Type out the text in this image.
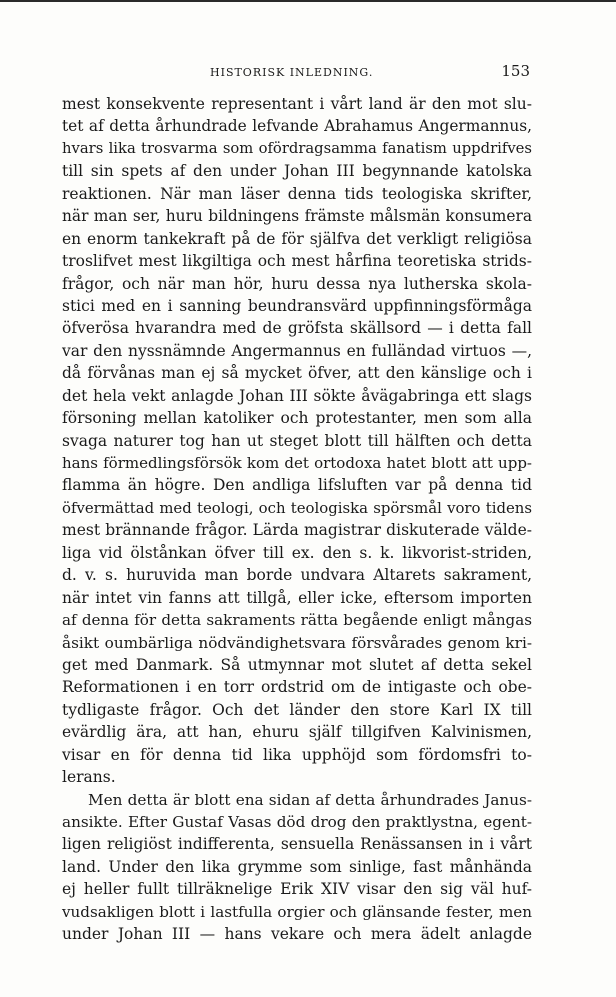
HISTORISK INLEDNING.	153
mest konsekvente representant i vårt land är den mot slu-
tet af detta århundrade lefvande Abrahamus Angermannus,
hvars lika trosvarma som ofördragsamma fanatism uppdrifves
till sin spets af den under Johan III begynnande katolska
reaktionen. När man läser denna tids teologiska skrifter,
när man ser, huru bildningens främste målsmän konsumera
en enorm tankekraft på de för själfva det verkligt religiösa
troslifvet mest likgiltiga och mest hårfina teoretiska strids-
frågor, och när man hör, huru dessa nya lutherska skola-
stici med en i sanning beundransvärd uppfinningsförmåga
öfverösa hvarandra med de gröfsta skällsord — i detta fall
var den nyssnämnde Angermannus en fulländad virtuos —,
då förvånas man ej så mycket öfver, att den känslige och i
det hela vekt anlagde Johan III sökte åvägabringa ett slags
försoning mellan katoliker och protestanter, men som alla
svaga naturer tog han ut steget blott till hälften och detta
hans förmedlingsförsök kom det ortodoxa hatet blott att upp-
flamma än högre. Den andliga lifsluften var på denna tid
öfvermättad med teologi, och teologiska spörsmål voro tidens
mest brännande frågor. Lärda magistrar diskuterade välde-
liga vid ölstånkan öfver till ex. den s. k. likvorist-striden,
d. v. s. huruvida man borde undvara Altarets sakrament,
när intet vin fanns att tillgå, eller icke, eftersom importen
af denna för detta sakraments rätta begående enligt mångas
åsikt oumbärliga nödvändighetsvara försvårades genom kri-
get med Danmark. Så utmynnar mot slutet af detta sekel
Reformationen i en torr ordstrid om de intigaste och obe-
tydligaste frågor. Och det länder den store Karl IX till
evärdlig ära, att han, ehuru själf tillgifven Kalvinismen,
visar en för denna tid lika upphöjd som fördomsfri to-
lerans.
Men detta är blott ena sidan af detta århundrades Janus-
ansikte. Efter Gustaf Vasas död drog den praktlystna, egent-
ligen religiöst indifferenta, sensuella Renässansen in i vårt
land. Under den lika grymme som sinlige, fast månhända
ej heller fullt tillräknelige Erik XIV visar den sig väl huf-
vudsakligen blott i lastfulla orgier och glänsande fester, men
under Johan III — hans vekare och mera ädelt anlagde
